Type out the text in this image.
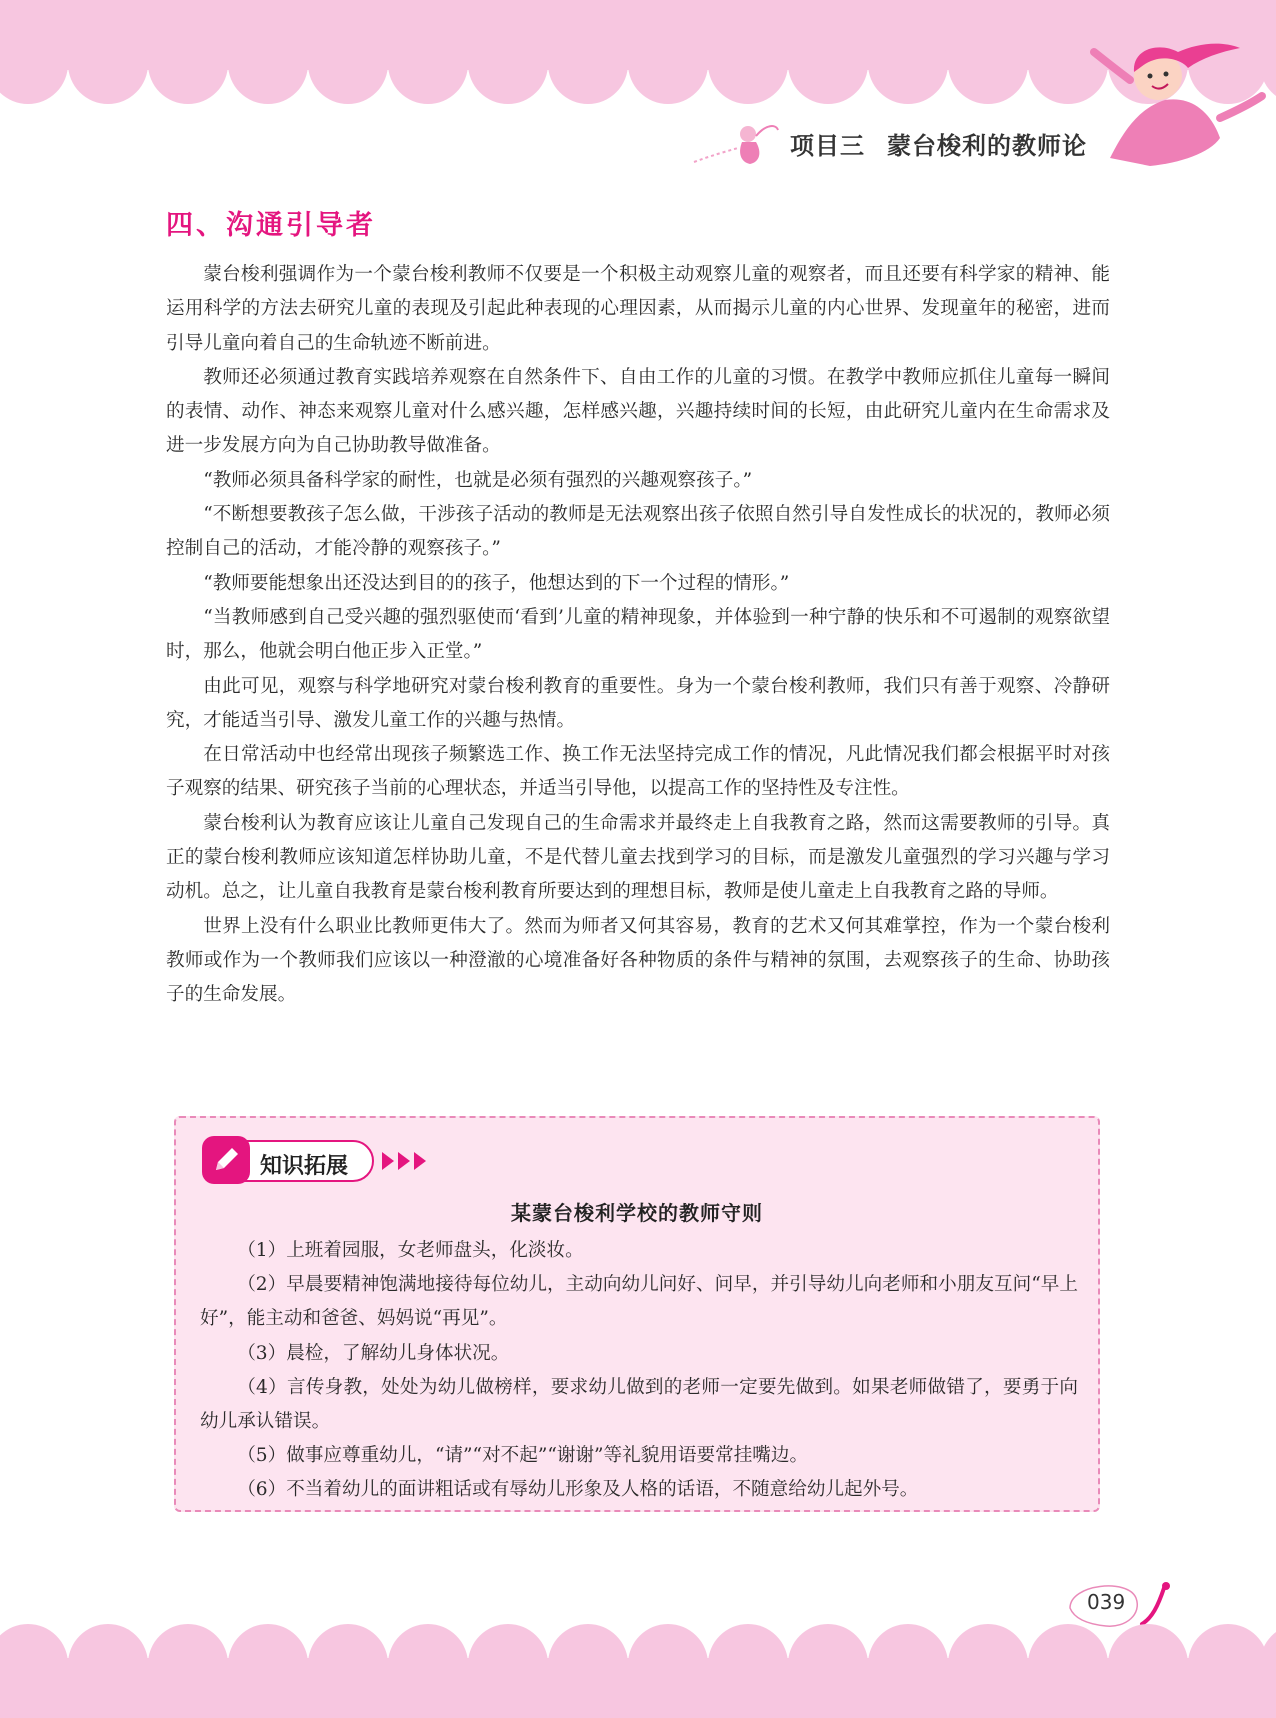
项目三 蒙台梭利的教师论
四、沟通引导者

蒙台梭利强调作为一个蒙台梭利教师不仅要是一个积极主动观察儿童的观察者，而且还要有科学家的精神、能运用科学的方法去研究儿童的表现及引起此种表现的心理因素，从而揭示儿童的内心世界、发现童年的秘密，进而引导儿童向着自己的生命轨迹不断前进。

教师还必须通过教育实践培养观察在自然条件下、自由工作的儿童的习惯。在教学中教师应抓住儿童每一瞬间的表情、动作、神态来观察儿童对什么感兴趣，怎样感兴趣，兴趣持续时间的长短，由此研究儿童内在生命需求及进一步发展方向为自己协助教导做准备。

“教师必须具备科学家的耐性，也就是必须有强烈的兴趣观察孩子。”

“不断想要教孩子怎么做，干涉孩子活动的教师是无法观察出孩子依照自然引导自发性成长的状况的，教师必须控制自己的活动，才能冷静的观察孩子。”

“教师要能想象出还没达到目的的孩子，他想达到的下一个过程的情形。”

“当教师感到自己受兴趣的强烈驱使而‘看到’儿童的精神现象，并体验到一种宁静的快乐和不可遏制的观察欲望时，那么，他就会明白他正步入正堂。”

由此可见，观察与科学地研究对蒙台梭利教育的重要性。身为一个蒙台梭利教师，我们只有善于观察、冷静研究，才能适当引导、激发儿童工作的兴趣与热情。

在日常活动中也经常出现孩子频繁选工作、换工作无法坚持完成工作的情况，凡此情况我们都会根据平时对孩子观察的结果、研究孩子当前的心理状态，并适当引导他，以提高工作的坚持性及专注性。

蒙台梭利认为教育应该让儿童自己发现自己的生命需求并最终走上自我教育之路，然而这需要教师的引导。真正的蒙台梭利教师应该知道怎样协助儿童，不是代替儿童去找到学习的目标，而是激发儿童强烈的学习兴趣与学习动机。总之，让儿童自我教育是蒙台梭利教育所要达到的理想目标，教师是使儿童走上自我教育之路的导师。

世界上没有什么职业比教师更伟大了。然而为师者又何其容易，教育的艺术又何其难掌控，作为一个蒙台梭利教师或作为一个教师我们应该以一种澄澈的心境准备好各种物质的条件与精神的氛围，去观察孩子的生命、协助孩子的生命发展。

知识拓展
某蒙台梭利学校的教师守则

（1）上班着园服，女老师盘头，化淡妆。

（2）早晨要精神饱满地接待每位幼儿，主动向幼儿问好、问早，并引导幼儿向老师和小朋友互问“早上好”，能主动和爸爸、妈妈说“再见”。

（3）晨检，了解幼儿身体状况。

（4）言传身教，处处为幼儿做榜样，要求幼儿做到的老师一定要先做到。如果老师做错了，要勇于向幼儿承认错误。

（5）做事应尊重幼儿，“请”“对不起”“谢谢”等礼貌用语要常挂嘴边。

（6）不当着幼儿的面讲粗话或有辱幼儿形象及人格的话语，不随意给幼儿起外号。

039
